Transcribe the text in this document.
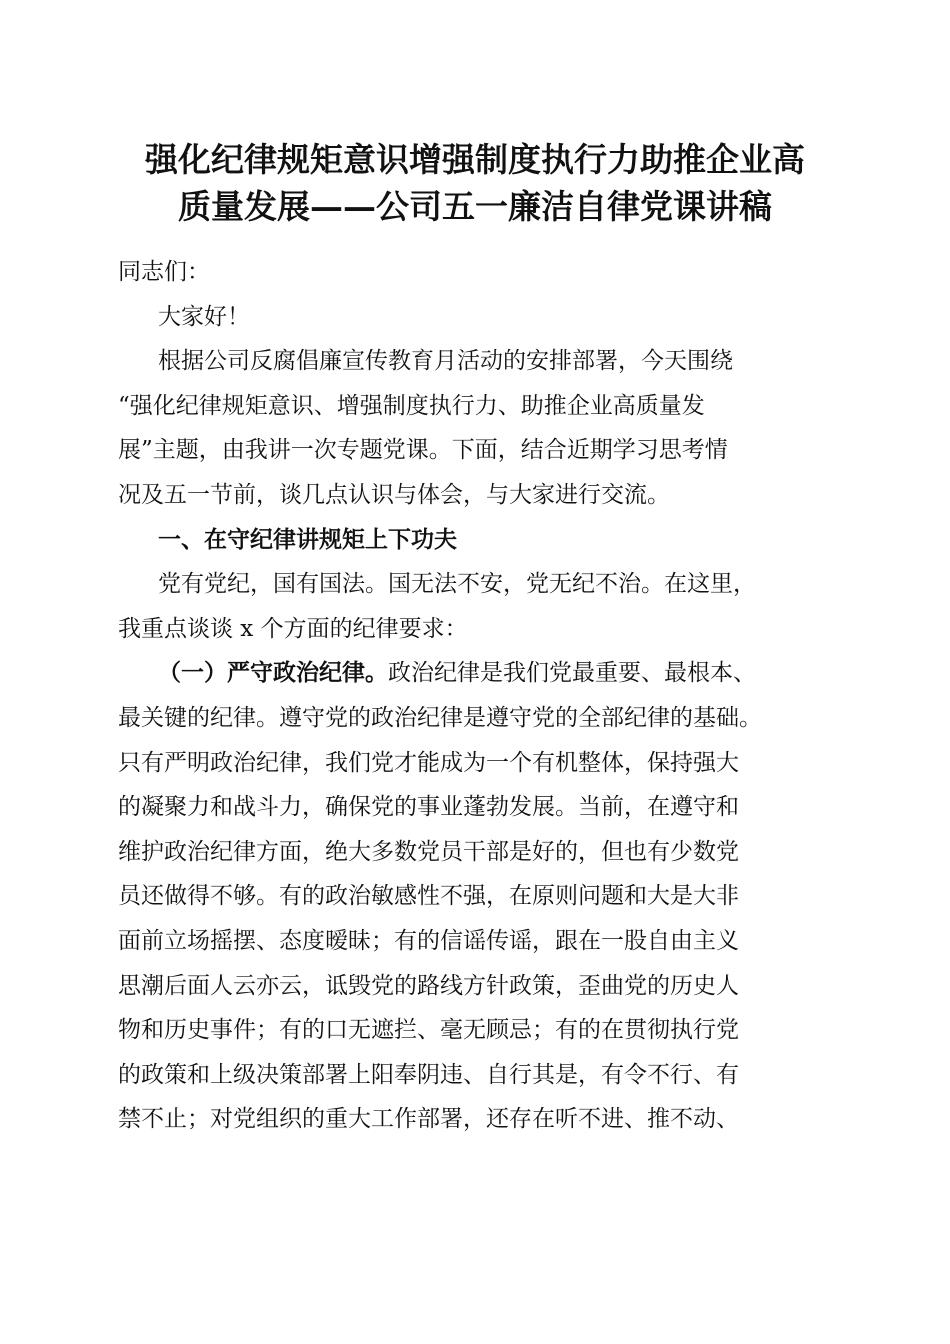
强化纪律规矩意识增强制度执行力助推企业高
质量发展——公司五一廉洁自律党课讲稿
同志们：
大家好！
根据公司反腐倡廉宣传教育月活动的安排部署，今天围绕
“强化纪律规矩意识、增强制度执行力、助推企业高质量发
展”主题，由我讲一次专题党课。下面，结合近期学习思考情
况及五一节前，谈几点认识与体会，与大家进行交流。
一、在守纪律讲规矩上下功夫
党有党纪，国有国法。国无法不安，党无纪不治。在这里，
我重点谈谈 x 个方面的纪律要求：
（一）严守政治纪律。政治纪律是我们党最重要、最根本、
最关键的纪律。遵守党的政治纪律是遵守党的全部纪律的基础。
只有严明政治纪律，我们党才能成为一个有机整体，保持强大
的凝聚力和战斗力，确保党的事业蓬勃发展。当前，在遵守和
维护政治纪律方面，绝大多数党员干部是好的，但也有少数党
员还做得不够。有的政治敏感性不强，在原则问题和大是大非
面前立场摇摆、态度暧昧；有的信谣传谣，跟在一股自由主义
思潮后面人云亦云，诋毁党的路线方针政策，歪曲党的历史人
物和历史事件；有的口无遮拦、毫无顾忌；有的在贯彻执行党
的政策和上级决策部署上阳奉阴违、自行其是，有令不行、有
禁不止；对党组织的重大工作部署，还存在听不进、推不动、
